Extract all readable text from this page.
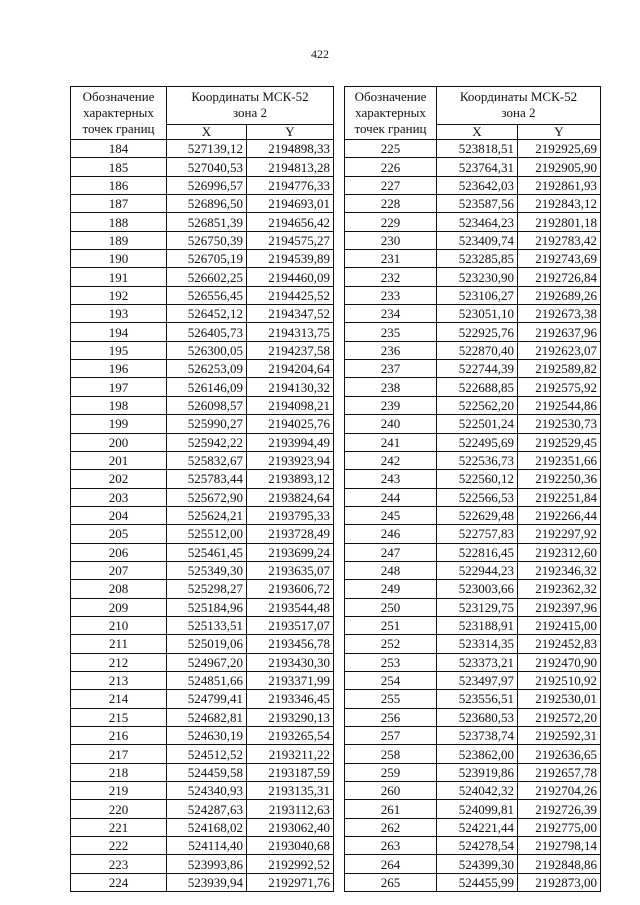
422
Обозначение
характерных
точек границ	Координаты МСК-52
зона 2	
	X	Y
184	527139,12	2194898,33
185	527040,53	2194813,28
186	526996,57	2194776,33
187	526896,50	2194693,01
188	526851,39	2194656,42
189	526750,39	2194575,27
190	526705,19	2194539,89
191	526602,25	2194460,09
192	526556,45	2194425,52
193	526452,12	2194347,52
194	526405,73	2194313,75
195	526300,05	2194237,58
196	526253,09	2194204,64
197	526146,09	2194130,32
198	526098,57	2194098,21
199	525990,27	2194025,76
200	525942,22	2193994,49
201	525832,67	2193923,94
202	525783,44	2193893,12
203	525672,90	2193824,64
204	525624,21	2193795,33
205	525512,00	2193728,49
206	525461,45	2193699,24
207	525349,30	2193635,07
208	525298,27	2193606,72
209	525184,96	2193544,48
210	525133,51	2193517,07
211	525019,06	2193456,78
212	524967,20	2193430,30
213	524851,66	2193371,99
214	524799,41	2193346,45
215	524682,81	2193290,13
216	524630,19	2193265,54
217	524512,52	2193211,22
218	524459,58	2193187,59
219	524340,93	2193135,31
220	524287,63	2193112,63
221	524168,02	2193062,40
222	524114,40	2193040,68
223	523993,86	2192992,52
224	523939,94	2192971,76
Обозначение
характерных
точек границ	Координаты МСК-52
зона 2	
	X	Y
225	523818,51	2192925,69
226	523764,31	2192905,90
227	523642,03	2192861,93
228	523587,56	2192843,12
229	523464,23	2192801,18
230	523409,74	2192783,42
231	523285,85	2192743,69
232	523230,90	2192726,84
233	523106,27	2192689,26
234	523051,10	2192673,38
235	522925,76	2192637,96
236	522870,40	2192623,07
237	522744,39	2192589,82
238	522688,85	2192575,92
239	522562,20	2192544,86
240	522501,24	2192530,73
241	522495,69	2192529,45
242	522536,73	2192351,66
243	522560,12	2192250,36
244	522566,53	2192251,84
245	522629,48	2192266,44
246	522757,83	2192297,92
247	522816,45	2192312,60
248	522944,23	2192346,32
249	523003,66	2192362,32
250	523129,75	2192397,96
251	523188,91	2192415,00
252	523314,35	2192452,83
253	523373,21	2192470,90
254	523497,97	2192510,92
255	523556,51	2192530,01
256	523680,53	2192572,20
257	523738,74	2192592,31
258	523862,00	2192636,65
259	523919,86	2192657,78
260	524042,32	2192704,26
261	524099,81	2192726,39
262	524221,44	2192775,00
263	524278,54	2192798,14
264	524399,30	2192848,86
265	524455,99	2192873,00
